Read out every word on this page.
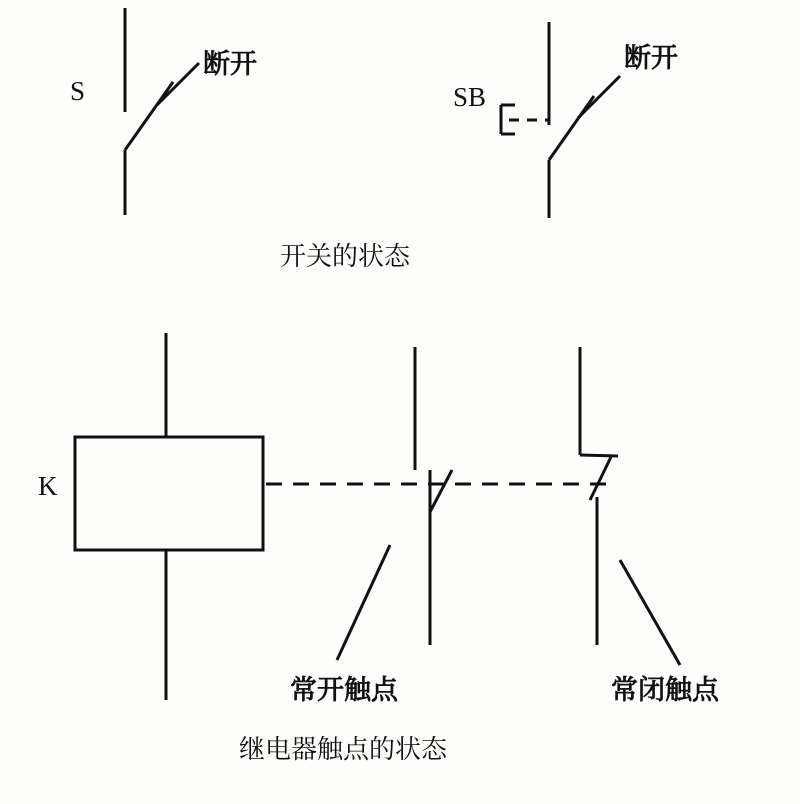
S
断开
SB
断开
开关的状态
K
常开触点	常闭触点
继电器触点的状态
